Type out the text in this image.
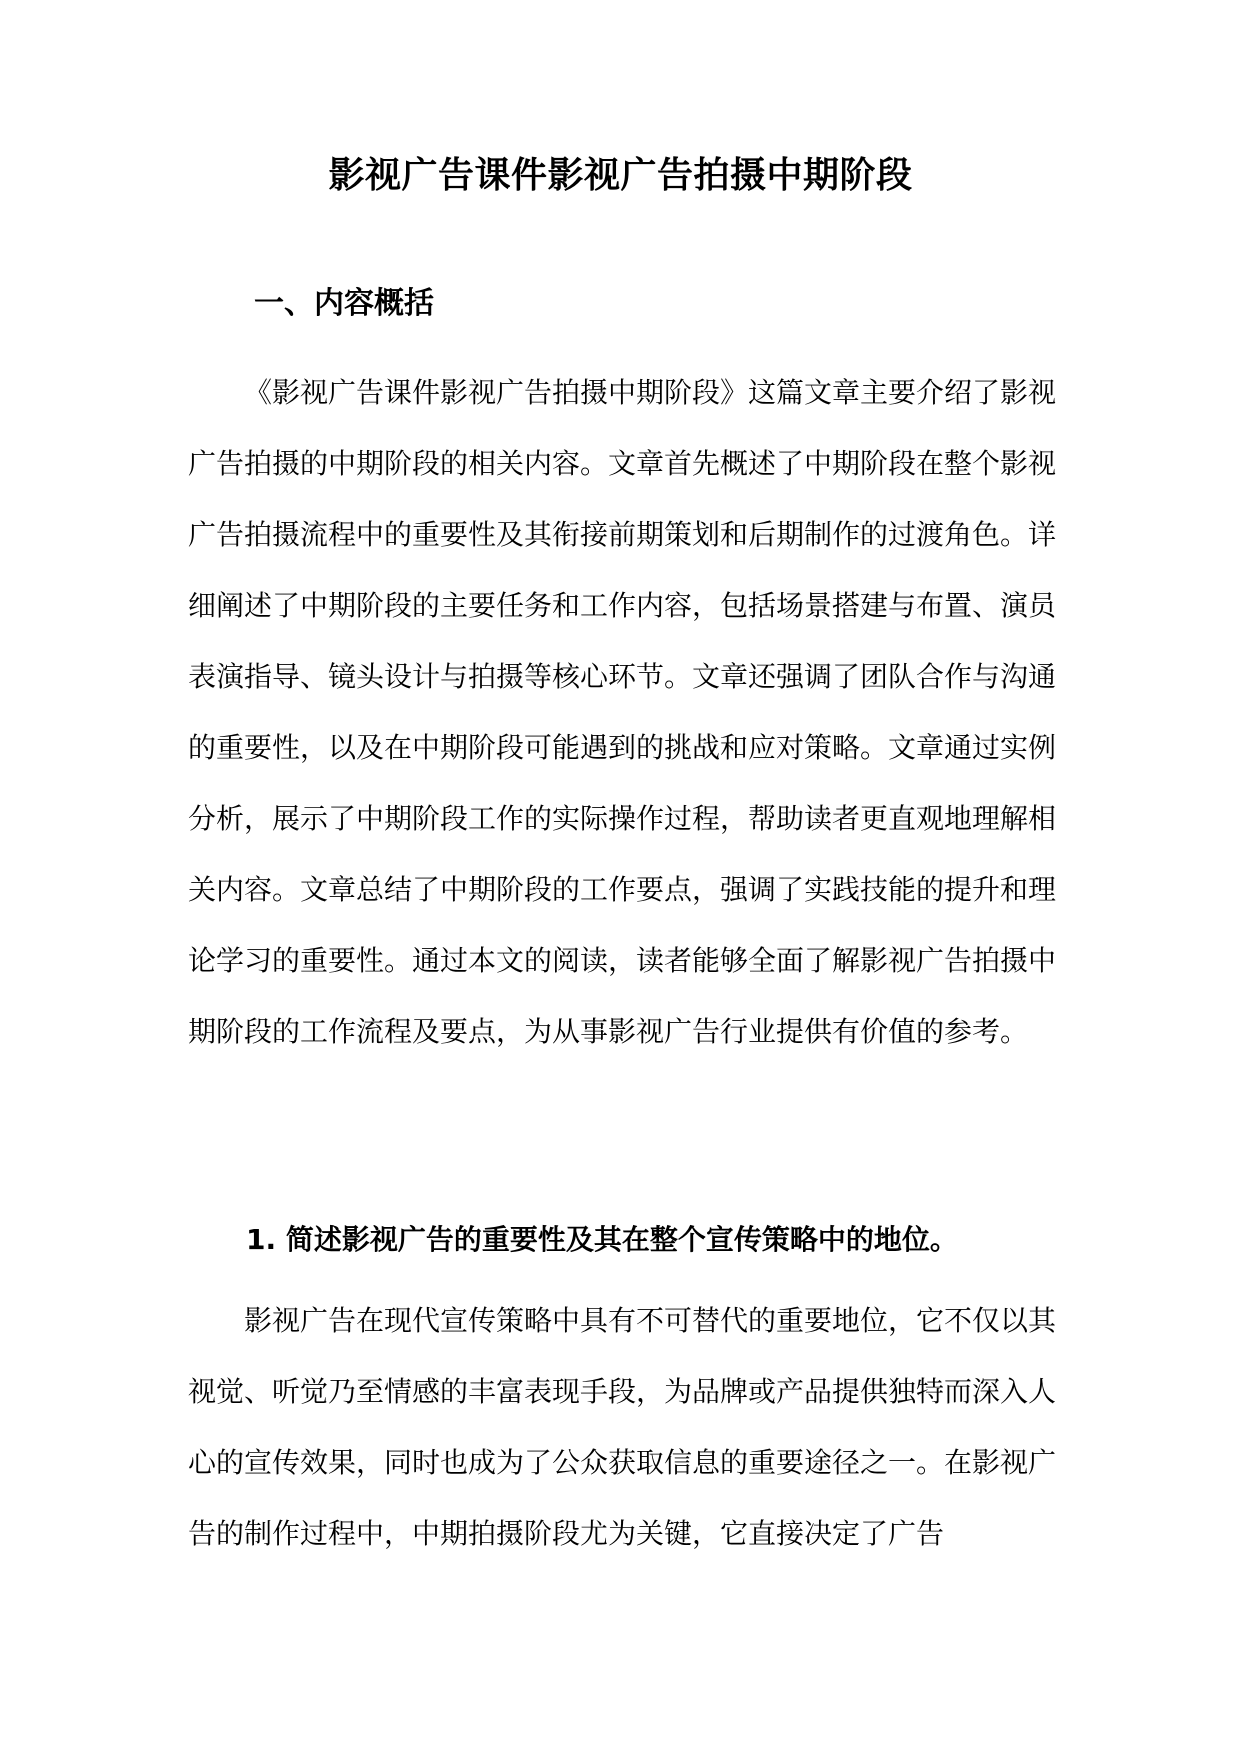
影视广告课件影视广告拍摄中期阶段
一、内容概括
《影视广告课件影视广告拍摄中期阶段》这篇文章主要介绍了影视广告拍摄的中期阶段的相关内容。文章首先概述了中期阶段在整个影视广告拍摄流程中的重要性及其衔接前期策划和后期制作的过渡角色。详细阐述了中期阶段的主要任务和工作内容，包括场景搭建与布置、演员表演指导、镜头设计与拍摄等核心环节。文章还强调了团队合作与沟通的重要性，以及在中期阶段可能遇到的挑战和应对策略。文章通过实例分析，展示了中期阶段工作的实际操作过程，帮助读者更直观地理解相关内容。文章总结了中期阶段的工作要点，强调了实践技能的提升和理论学习的重要性。通过本文的阅读，读者能够全面了解影视广告拍摄中期阶段的工作流程及要点，为从事影视广告行业提供有价值的参考。
1. 简述影视广告的重要性及其在整个宣传策略中的地位。
影视广告在现代宣传策略中具有不可替代的重要地位，它不仅以其视觉、听觉乃至情感的丰富表现手段，为品牌或产品提供独特而深入人心的宣传效果，同时也成为了公众获取信息的重要途径之一。在影视广告的制作过程中，中期拍摄阶段尤为关键，它直接决定了广告
